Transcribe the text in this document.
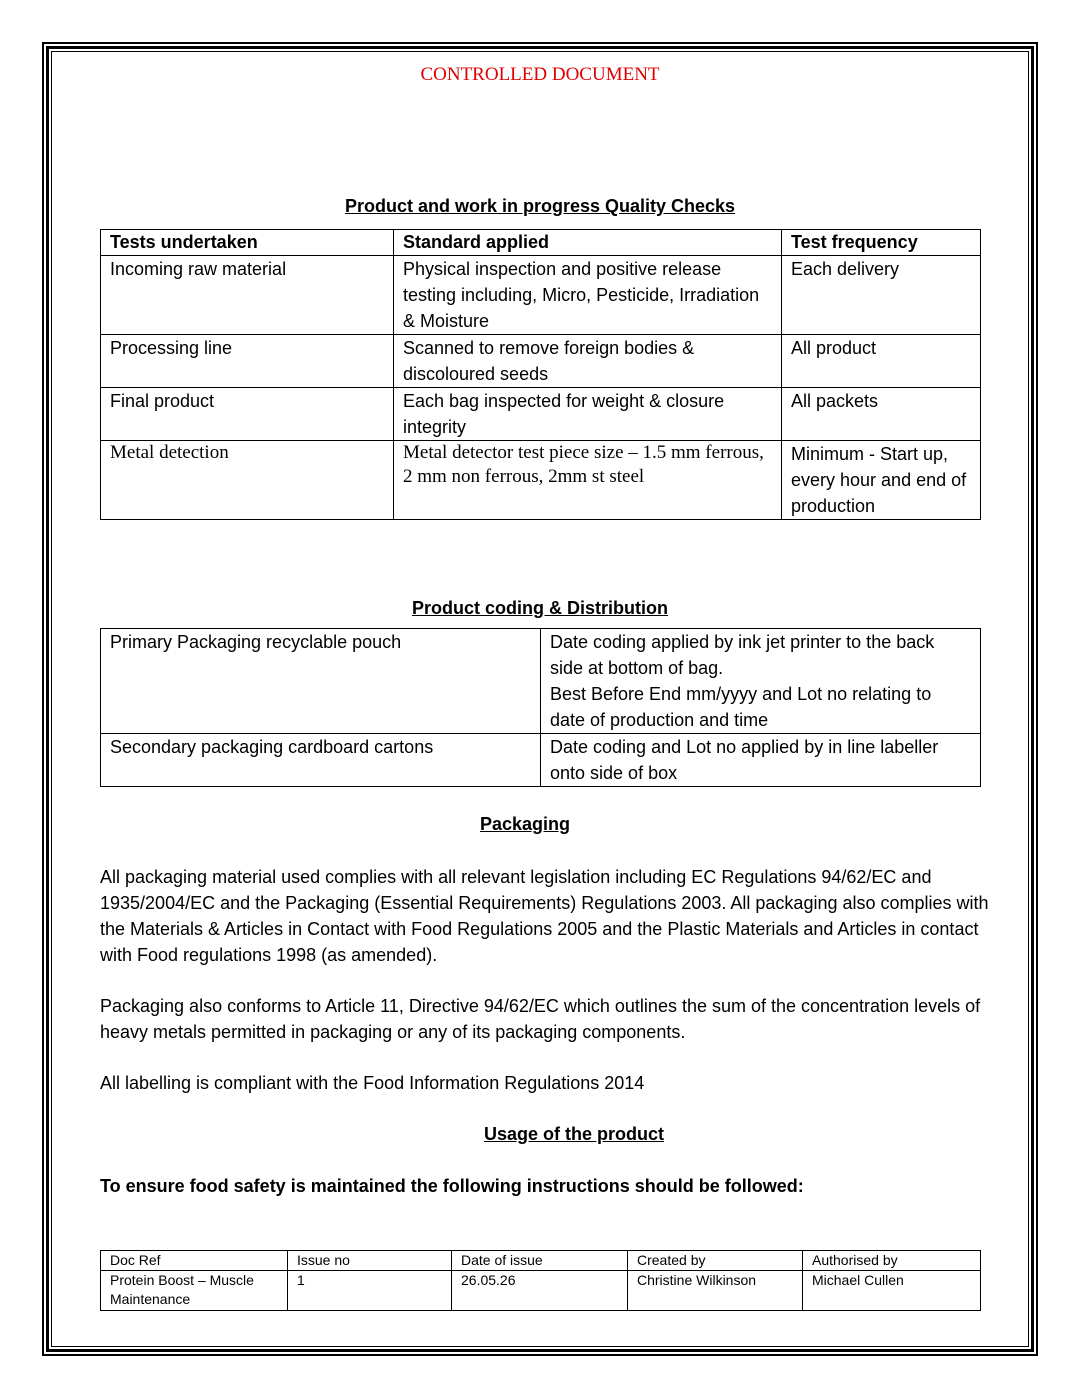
CONTROLLED DOCUMENT
Product and work in progress Quality Checks
Tests undertaken	Standard applied	Test frequency
Incoming raw material	Physical inspection and positive release testing including, Micro, Pesticide, Irradiation & Moisture	Each delivery
Processing line	Scanned to remove foreign bodies & discoloured seeds	All product
Final product	Each bag inspected for weight & closure integrity	All packets
Metal detection	Metal detector test piece size – 1.5 mm ferrous, 2 mm non ferrous, 2mm st steel	Minimum - Start up, every hour and end of production
Product coding & Distribution
Primary Packaging recyclable pouch	Date coding applied by ink jet printer to the back side at bottom of bag.
Best Before End mm/yyyy and Lot no relating to date of production and time

Secondary packaging cardboard cartons	Date coding and Lot no applied by in line labeller onto side of box
Packaging
All packaging material used complies with all relevant legislation including EC Regulations 94/62/EC and 1935/2004/EC and the Packaging (Essential Requirements) Regulations 2003. All packaging also complies with the Materials & Articles in Contact with Food Regulations 2005 and the Plastic Materials and Articles in contact with Food regulations 1998 (as amended).
Packaging also conforms to Article 11, Directive 94/62/EC which outlines the sum of the concentration levels of heavy metals permitted in packaging or any of its packaging components.
All labelling is compliant with the Food Information Regulations 2014
Usage of the product
To ensure food safety is maintained the following instructions should be followed:
Doc Ref	Issue no	Date of issue	Created by	Authorised by
Protein Boost – Muscle Maintenance	1	26.05.26	Christine Wilkinson	Michael Cullen
